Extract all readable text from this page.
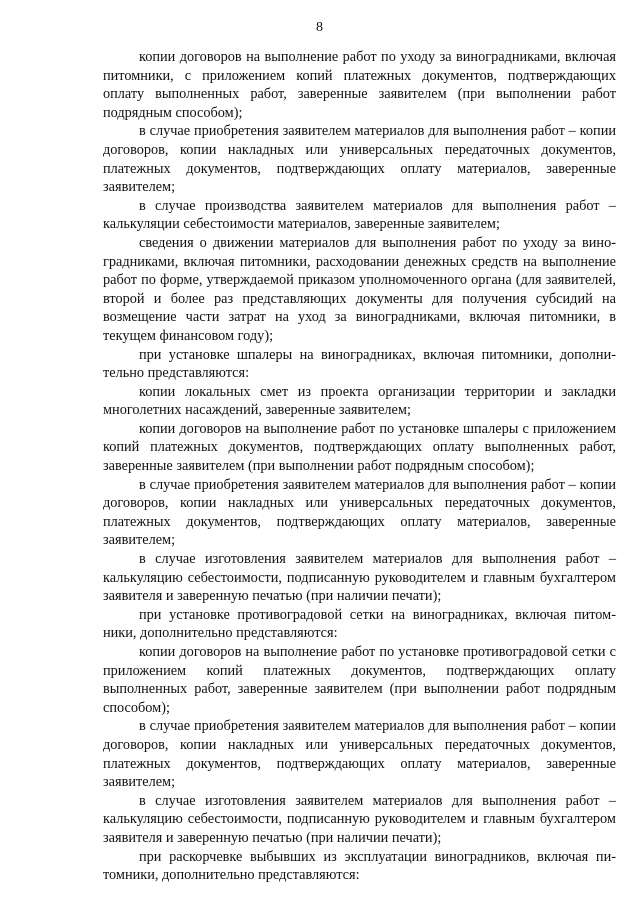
8

копии договоров на выполнение работ по уходу за виноградниками, включая питомники, с приложением копий платежных документов, подтверждающих оплату выполненных работ, заверенные заявителем (при выполнении работ подрядным способом);

в случае приобретения заявителем материалов для выполнения работ – копии договоров, копии накладных или универсальных передаточных документов, платежных документов, подтверждающих оплату материалов, заверенные заявителем;

в случае производства заявителем материалов для выполнения работ – калькуляции себестоимости материалов, заверенные заявителем;

сведения о движении материалов для выполнения работ по уходу за виноградниками, включая питомники, расходовании денежных средств на выполнение работ по форме, утверждаемой приказом уполномоченного органа (для заявителей, второй и более раз представляющих документы для получения субсидий на возмещение части затрат на уход за виноградниками, включая питомники, в текущем финансовом году);

при установке шпалеры на виноградниках, включая питомники, дополнительно представляются:

копии локальных смет из проекта организации территории и закладки многолетних насаждений, заверенные заявителем;

копии договоров на выполнение работ по установке шпалеры с приложением копий платежных документов, подтверждающих оплату выполненных работ, заверенные заявителем (при выполнении работ подрядным способом);

в случае приобретения заявителем материалов для выполнения работ – копии договоров, копии накладных или универсальных передаточных документов, платежных документов, подтверждающих оплату материалов, заверенные заявителем;

в случае изготовления заявителем материалов для выполнения работ – калькуляцию себестоимости, подписанную руководителем и главным бухгалтером заявителя и заверенную печатью (при наличии печати);

при установке противоградовой сетки на виноградниках, включая питомники, дополнительно представляются:

копии договоров на выполнение работ по установке противоградовой сетки с приложением копий платежных документов, подтверждающих оплату выполненных работ, заверенные заявителем (при выполнении работ подрядным способом);

в случае приобретения заявителем материалов для выполнения работ – копии договоров, копии накладных или универсальных передаточных документов, платежных документов, подтверждающих оплату материалов, заверенные заявителем;

в случае изготовления заявителем материалов для выполнения работ – калькуляцию себестоимости, подписанную руководителем и главным бухгалтером заявителя и заверенную печатью (при наличии печати);

при раскорчевке выбывших из эксплуатации виноградников, включая питомники, дополнительно представляются:
